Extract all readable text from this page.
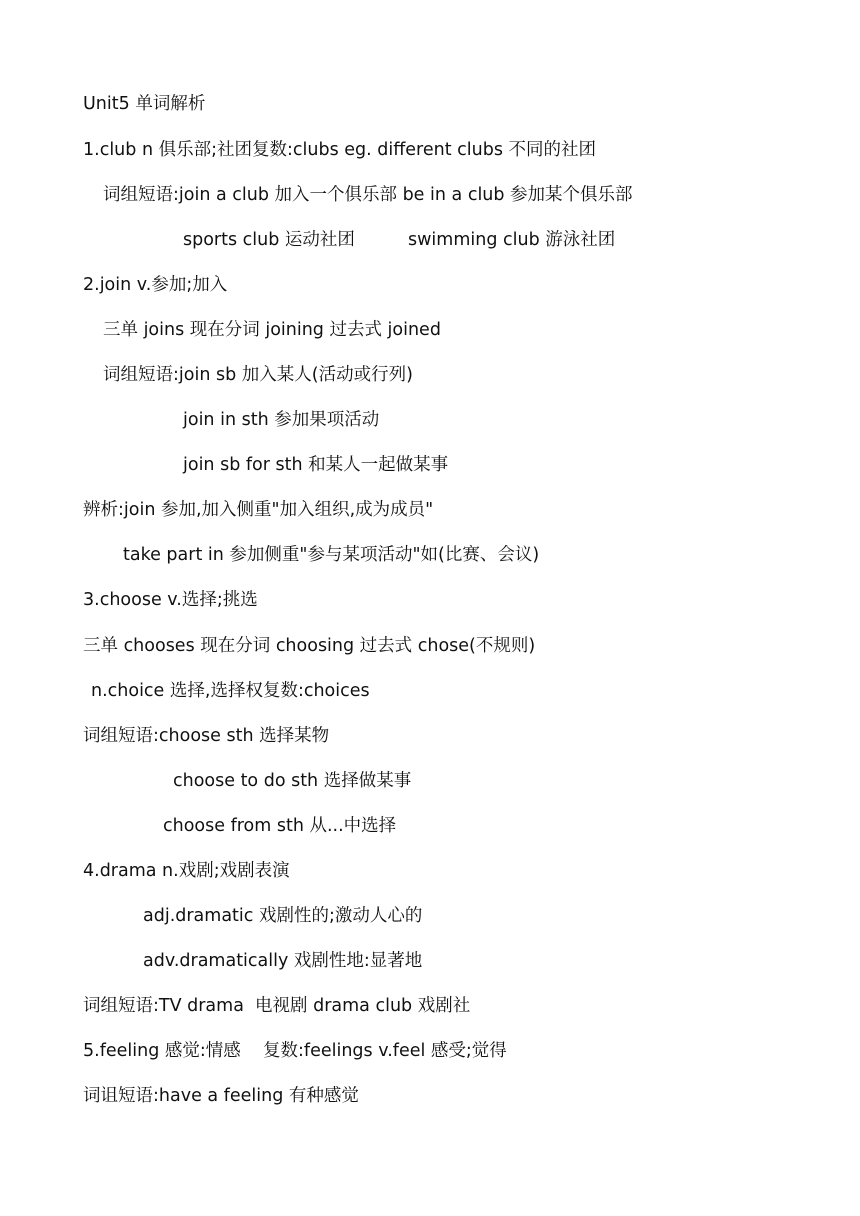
Unit5 单词解析
1.club n 俱乐部;社团复数:clubs eg. different clubs 不同的社团
词组短语:join a club 加入一个俱乐部 be in a club 参加某个俱乐部
sports club 运动社团	swimming club 游泳社团
2.join v.参加;加入
三单 joins 现在分词 joining 过去式 joined
词组短语:join sb 加入某人(活动或行列)
join in sth 参加果项活动
join sb for sth 和某人一起做某事
辨析:join 参加,加入侧重"加入组织,成为成员"
take part in 参加侧重"参与某项活动"如(比赛、会议)
3.choose v.选择;挑选
三单 chooses 现在分词 choosing 过去式 chose(不规则)
n.choice 选择,选择权复数:choices
词组短语:choose sth 选择某物
choose to do sth 选择做某事
choose from sth 从...中选择
4.drama n.戏剧;戏剧表演
adj.dramatic 戏剧性的;激动人心的
adv.dramatically 戏剧性地:显著地
词组短语:TV drama  电视剧 drama club 戏剧社
5.feeling 感觉:情感    复数:feelings v.feel 感受;觉得
词诅短语:have a feeling 有种感觉
